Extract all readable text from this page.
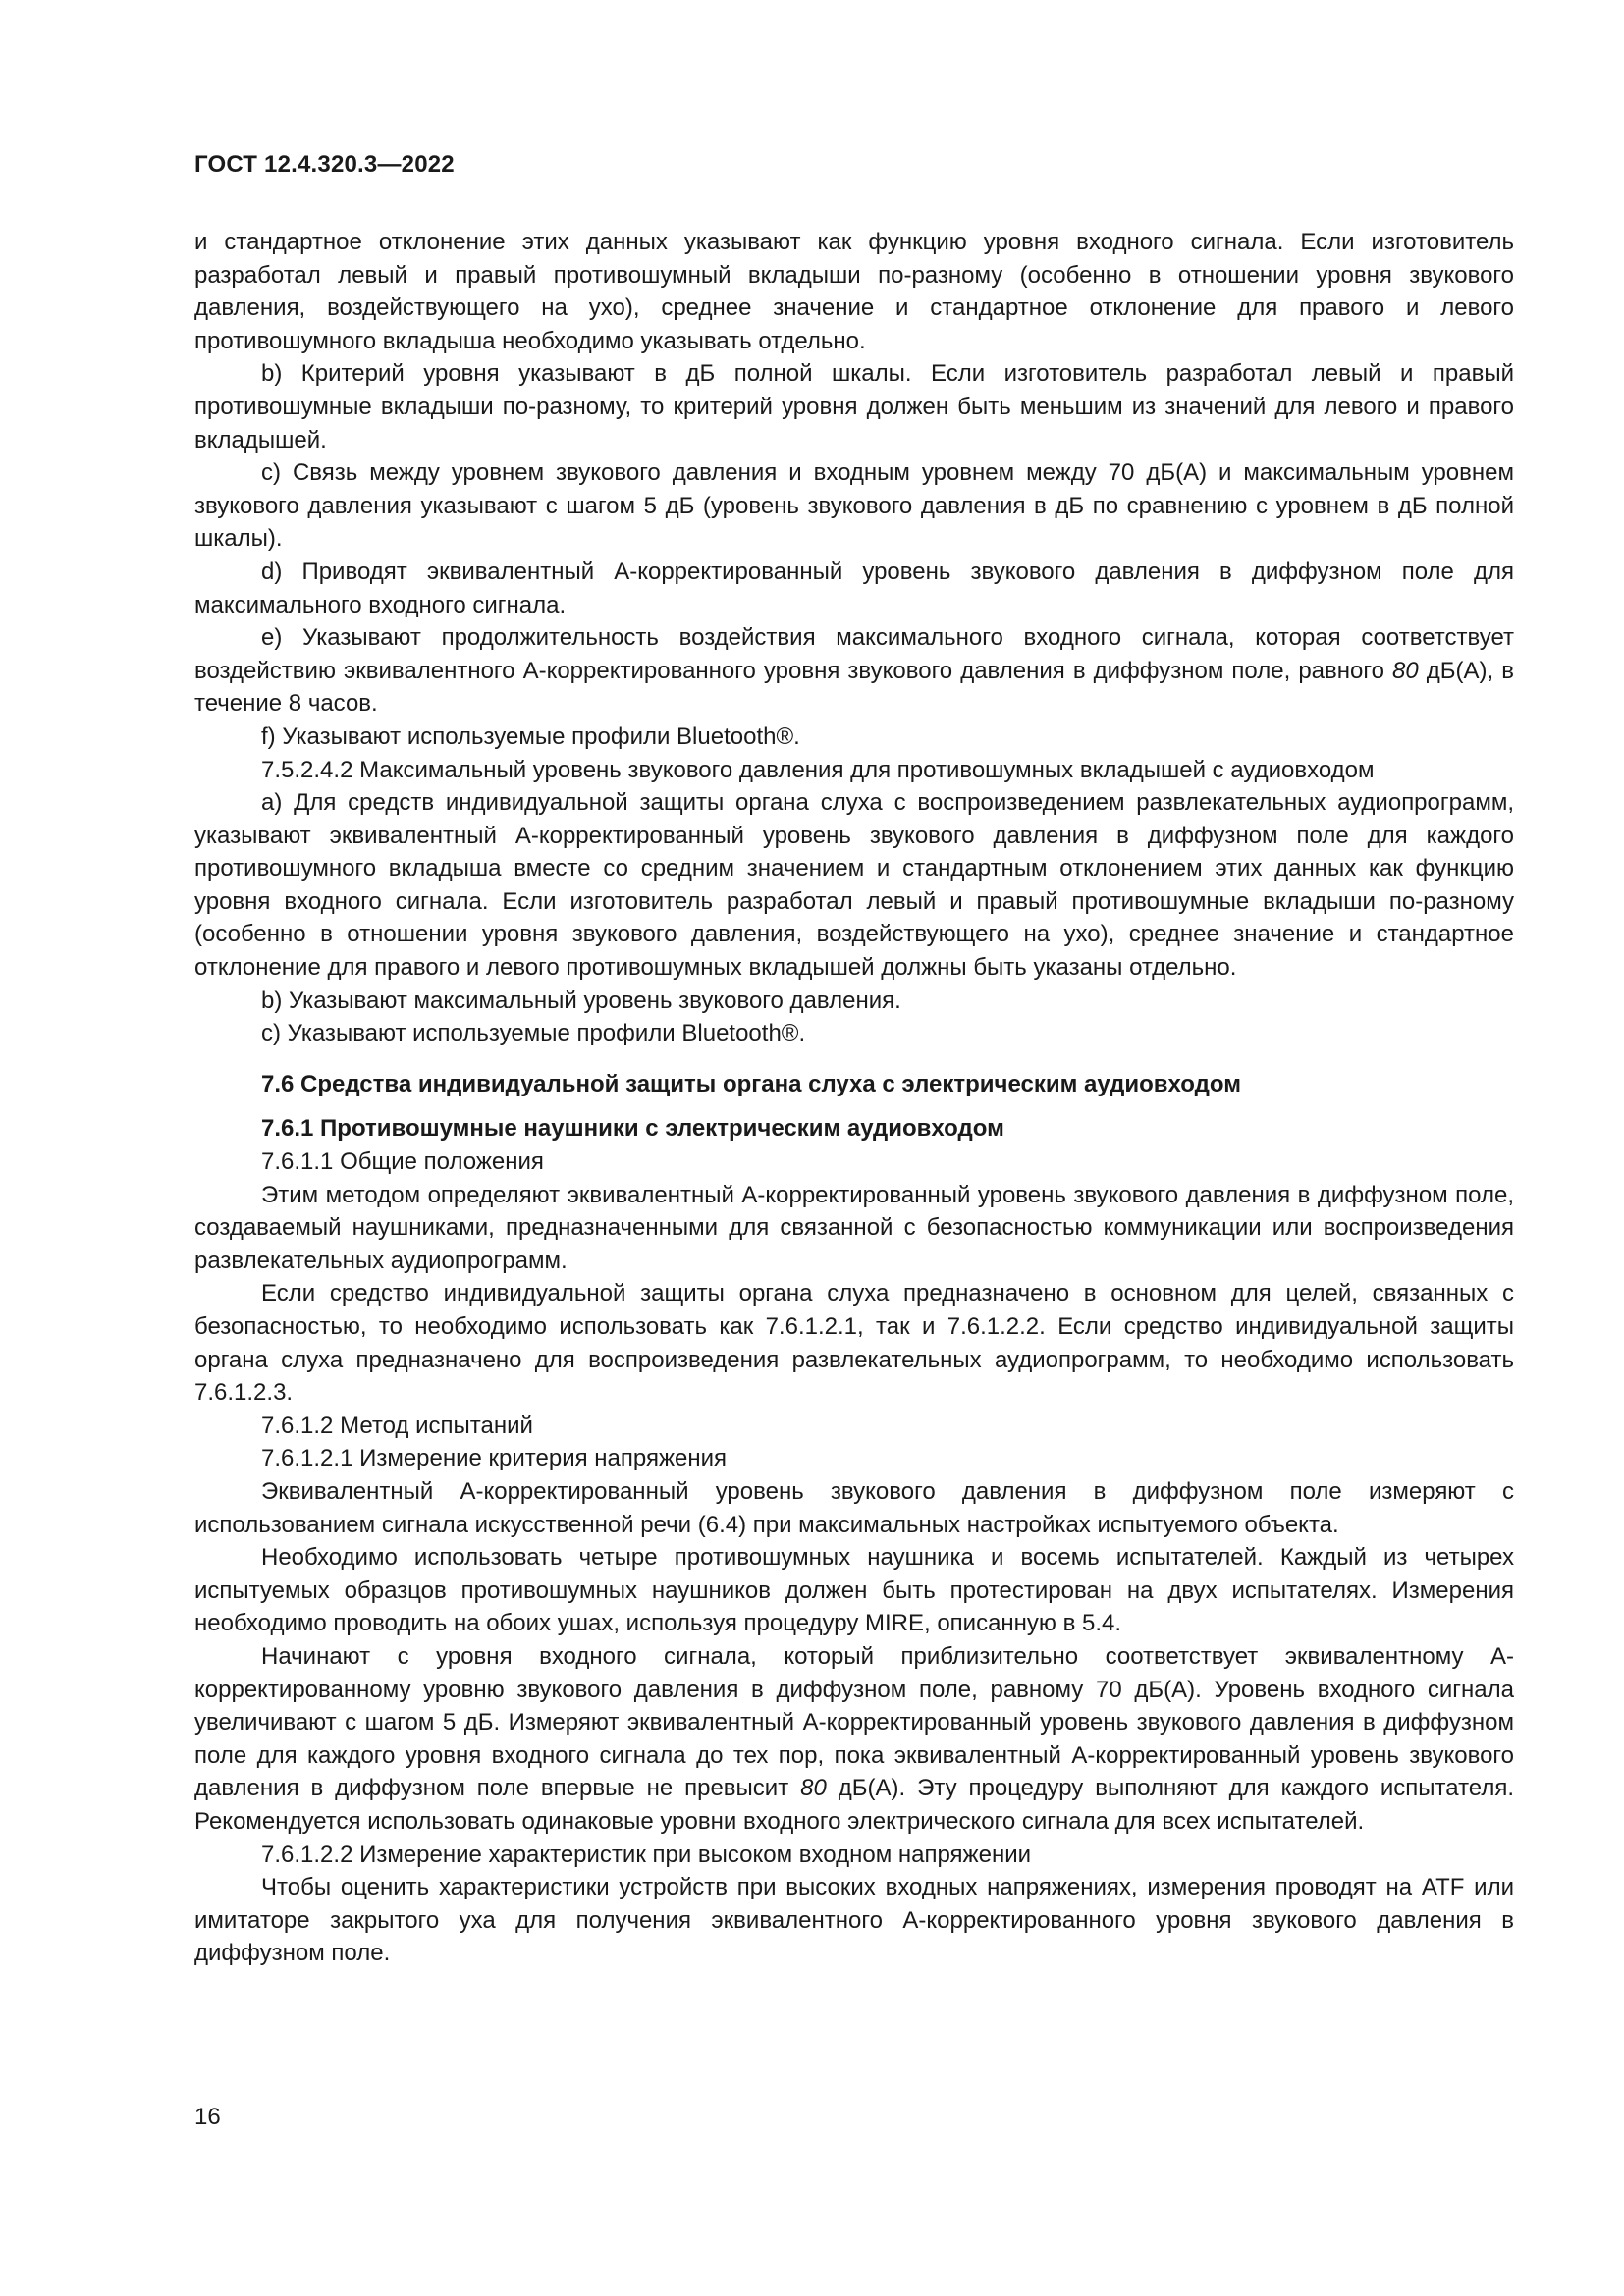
ГОСТ 12.4.320.3—2022

и стандартное отклонение этих данных указывают как функцию уровня входного сигнала. Если изготовитель разработал левый и правый противошумный вкладыши по-разному (особенно в отношении уровня звукового давления, воздействующего на ухо), среднее значение и стандартное отклонение для правого и левого противошумного вкладыша необходимо указывать отдельно.

b) Критерий уровня указывают в дБ полной шкалы. Если изготовитель разработал левый и правый противошумные вкладыши по-разному, то критерий уровня должен быть меньшим из значений для левого и правого вкладышей.

c) Связь между уровнем звукового давления и входным уровнем между 70 дБ(А) и максимальным уровнем звукового давления указывают с шагом 5 дБ (уровень звукового давления в дБ по сравнению с уровнем в дБ полной шкалы).

d) Приводят эквивалентный А-корректированный уровень звукового давления в диффузном поле для максимального входного сигнала.

e) Указывают продолжительность воздействия максимального входного сигнала, которая соответствует воздействию эквивалентного А-корректированного уровня звукового давления в диффузном поле, равного 80 дБ(А), в течение 8 часов.

f) Указывают используемые профили Bluetooth®.

7.5.2.4.2 Максимальный уровень звукового давления для противошумных вкладышей с аудиовходом

a) Для средств индивидуальной защиты органа слуха с воспроизведением развлекательных аудиопрограмм, указывают эквивалентный А-корректированный уровень звукового давления в диффузном поле для каждого противошумного вкладыша вместе со средним значением и стандартным отклонением этих данных как функцию уровня входного сигнала. Если изготовитель разработал левый и правый противошумные вкладыши по-разному (особенно в отношении уровня звукового давления, воздействующего на ухо), среднее значение и стандартное отклонение для правого и левого противошумных вкладышей должны быть указаны отдельно.

b) Указывают максимальный уровень звукового давления.

c) Указывают используемые профили Bluetooth®.

7.6 Средства индивидуальной защиты органа слуха с электрическим аудиовходом
7.6.1 Противошумные наушники с электрическим аудиовходом

7.6.1.1 Общие положения

Этим методом определяют эквивалентный А-корректированный уровень звукового давления в диффузном поле, создаваемый наушниками, предназначенными для связанной с безопасностью коммуникации или воспроизведения развлекательных аудиопрограмм.

Если средство индивидуальной защиты органа слуха предназначено в основном для целей, связанных с безопасностью, то необходимо использовать как 7.6.1.2.1, так и 7.6.1.2.2. Если средство индивидуальной защиты органа слуха предназначено для воспроизведения развлекательных аудиопрограмм, то необходимо использовать 7.6.1.2.3.

7.6.1.2 Метод испытаний

7.6.1.2.1 Измерение критерия напряжения

Эквивалентный А-корректированный уровень звукового давления в диффузном поле измеряют с использованием сигнала искусственной речи (6.4) при максимальных настройках испытуемого объекта.

Необходимо использовать четыре противошумных наушника и восемь испытателей. Каждый из четырех испытуемых образцов противошумных наушников должен быть протестирован на двух испытателях. Измерения необходимо проводить на обоих ушах, используя процедуру MIRE, описанную в 5.4.

Начинают с уровня входного сигнала, который приблизительно соответствует эквивалентному А-корректированному уровню звукового давления в диффузном поле, равному 70 дБ(А). Уровень входного сигнала увеличивают с шагом 5 дБ. Измеряют эквивалентный А-корректированный уровень звукового давления в диффузном поле для каждого уровня входного сигнала до тех пор, пока эквивалентный А-корректированный уровень звукового давления в диффузном поле впервые не превысит 80 дБ(А). Эту процедуру выполняют для каждого испытателя. Рекомендуется использовать одинаковые уровни входного электрического сигнала для всех испытателей.

7.6.1.2.2 Измерение характеристик при высоком входном напряжении

Чтобы оценить характеристики устройств при высоких входных напряжениях, измерения проводят на ATF или имитаторе закрытого уха для получения эквивалентного А-корректированного уровня звукового давления в диффузном поле.

16
